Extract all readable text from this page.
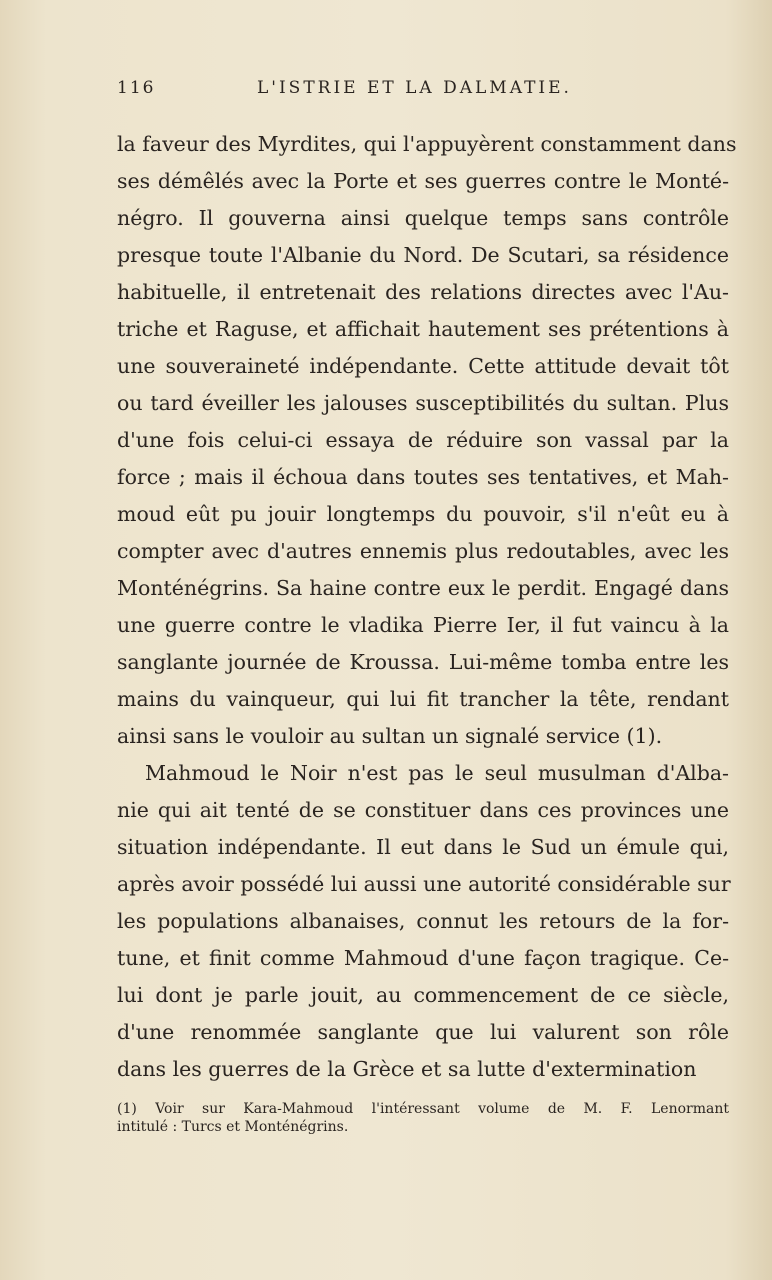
116	L'ISTRIE ET LA DALMATIE.
la faveur des Myrdites, qui l'appuyèrent constamment dans
ses démêlés avec la Porte et ses guerres contre le Monté-
négro. Il gouverna ainsi quelque temps sans contrôle
presque toute l'Albanie du Nord. De Scutari, sa résidence
habituelle, il entretenait des relations directes avec l'Au-
triche et Raguse, et affichait hautement ses prétentions à
une souveraineté indépendante. Cette attitude devait tôt
ou tard éveiller les jalouses susceptibilités du sultan. Plus
d'une fois celui-ci essaya de réduire son vassal par la
force ; mais il échoua dans toutes ses tentatives, et Mah-
moud eût pu jouir longtemps du pouvoir, s'il n'eût eu à
compter avec d'autres ennemis plus redoutables, avec les
Monténégrins. Sa haine contre eux le perdit. Engagé dans
une guerre contre le vladika Pierre Ier, il fut vaincu à la
sanglante journée de Kroussa. Lui-même tomba entre les
mains du vainqueur, qui lui fit trancher la tête, rendant
ainsi sans le vouloir au sultan un signalé service (1).
Mahmoud le Noir n'est pas le seul musulman d'Alba-
nie qui ait tenté de se constituer dans ces provinces une
situation indépendante. Il eut dans le Sud un émule qui,
après avoir possédé lui aussi une autorité considérable sur
les populations albanaises, connut les retours de la for-
tune, et finit comme Mahmoud d'une façon tragique. Ce-
lui dont je parle jouit, au commencement de ce siècle,
d'une renommée sanglante que lui valurent son rôle
dans les guerres de la Grèce et sa lutte d'extermination
(1) Voir sur Kara-Mahmoud l'intéressant volume de M. F. Lenormant
intitulé : Turcs et Monténégrins.
